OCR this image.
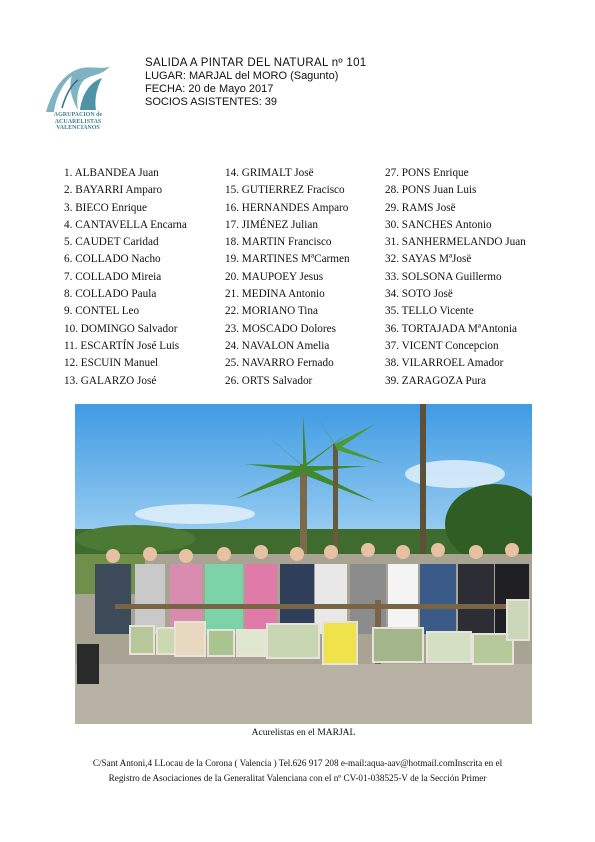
AGRUPACION de
ACUARELISTAS
VALENCIANOS
SALIDA A PINTAR DEL NATURAL nº 101
LUGAR: MARJAL del MORO (Sagunto)
FECHA: 20 de Mayo 2017
SOCIOS ASISTENTES: 39
1. ALBANDEA Juan
2. BAYARRI Amparo
3. BIECO Enrique
4. CANTAVELLA Encarna
5. CAUDET Caridad
6. COLLADO Nacho
7. COLLADO Mireia
8. COLLADO Paula
9. CONTEL Leo
10. DOMINGO Salvador
11. ESCARTÍN José Luis
12. ESCUIN Manuel
13. GALARZO José
14. GRIMALT Josë
15. GUTIERREZ Fracisco
16. HERNANDES Amparo
17. JIMÉNEZ Julian
18. MARTIN Francisco
19. MARTINES MªCarmen
20. MAUPOEY Jesus
21. MEDINA Antonio
22. MORIANO Tina
23. MOSCADO Dolores
24. NAVALON Amelia
25. NAVARRO Fernado
26. ORTS Salvador
27. PONS Enrique
28. PONS Juan Luis
29. RAMS Josë
30. SANCHES Antonio
31. SANHERMELANDO Juan
32. SAYAS MªJosë
33. SOLSONA Guillermo
34. SOTO Josë
35. TELLO Vicente
36. TORTAJADA MªAntonia
37. VICENT Concepcion
38. VILARROEL Amador
39. ZARAGOZA Pura
Acurelistas en el MARJAL
C/Sant Antoni,4 LLocau de la Corona ( Valencia ) Tel.626 917 208 e-mail:aqua-aav@hotmail.comInscrita en el
Registro de Asociaciones de la Generalitat Valenciana con el nº CV-01-038525-V de la Sección Primer
